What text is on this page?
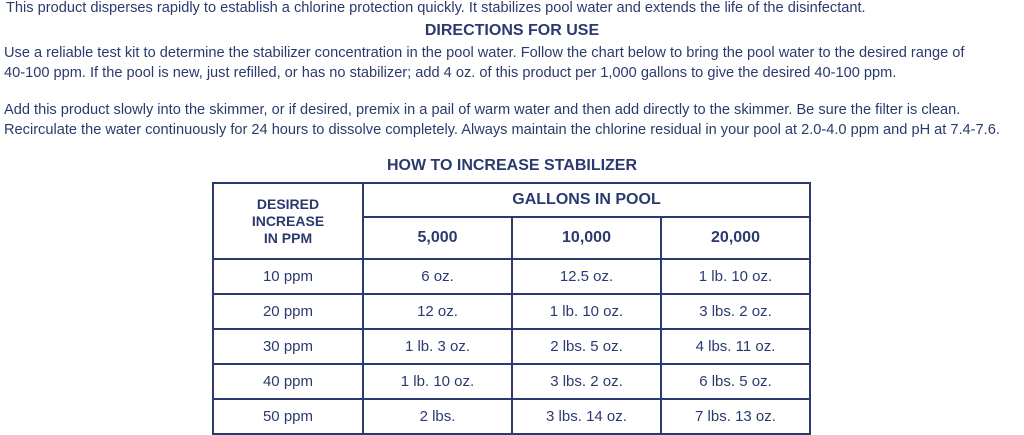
This product disperses rapidly to establish a chlorine protection quickly. It stabilizes pool water and extends the life of the disinfectant.
DIRECTIONS FOR USE
Use a reliable test kit to determine the stabilizer concentration in the pool water. Follow the chart below to bring the pool water to the desired range of
40-100 ppm. If the pool is new, just refilled, or has no stabilizer; add 4 oz. of this product per 1,000 gallons to give the desired 40-100 ppm.
Add this product slowly into the skimmer, or if desired, premix in a pail of warm water and then add directly to the skimmer. Be sure the filter is clean.
Recirculate the water continuously for 24 hours to dissolve completely. Always maintain the chlorine residual in your pool at 2.0-4.0 ppm and pH at 7.4-7.6.
HOW TO INCREASE STABILIZER
DESIRED
INCREASE
IN PPM	GALLONS IN POOL		
	5,000	10,000	20,000
10 ppm	6 oz.	12.5 oz.	1 lb. 10 oz.
20 ppm	12 oz.	1 lb. 10 oz.	3 lbs. 2 oz.
30 ppm	1 lb. 3 oz.	2 lbs. 5 oz.	4 lbs. 11 oz.
40 ppm	1 lb. 10 oz.	3 lbs. 2 oz.	6 lbs. 5 oz.
50 ppm	2 lbs.	3 lbs. 14 oz.	7 lbs. 13 oz.
